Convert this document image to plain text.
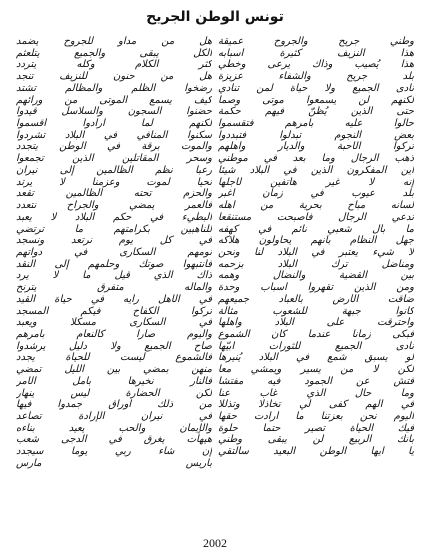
تونس الوطن الجريح
وطني جريح والجروح عميقة
هذا النزيف كثيرة أسبابه
هذا يُصيب وذاك يرعى وخطي
بلد جريح والشفاء عزيزة
نادى الجميع ولا حياة لمن تنادي
لكنهم لن يسمعوا موتى وصما
حتى الذين يُظنّ فيهم حكمة
حالوا عليه بأمرهم فتقسموا
بعض النجوم تبدلوا فتبددوا
تركوا الأحبة والديار وأهلهم
ذهب الرجال وما بعد في موطني
أين المفكرون الذين في البلاد شيئا
إنه لا غير هاتفين لأجلها
بلد عيوب في زمان أغبر
لسانه مباح بحرية من أهله
تدعي الرجال فأصبحت مستنقعا
ما بال شعبي نائم في كهفه
جهل النظام بأنهم يحاولون هلاكه
لا شيء يعتبر في البلاد لنا ونحن
ومناضل ترك البلاد بزحمه
بين القضية والنضال وهمه
ومن الذين تقهروا أسباب وحدة
ضاقت الأرض بالعباد جميعهم
كانوا جبهة للشعوب مثالة
واحترقت على البلاد وأهلها
فبكى زمانا عندما كان الشموع
نادى الجميع للثورات أبيّها
لو يسبق شمع في البلاد يُنيرها
لكن لا من يسير ويمشي معا
فتش عن الجمود فيه مفتشا
وما حال الذي غاب عنا
في الهم كفى لي تخاذلا وتذللا
اليوم نحن بعزتنا ما أرادت حقها
فيك الحياة تصير حتما حلوة
بأنك الربيع لن يبقى وطني
يا أيها الوطن البعيد سألتقي
هل من مداو للجروح يضمد
الكل يبقى والجميع يتلعثم
كثر الكلام وكله يتردد
هل من حنون للنزيف تنجد
رضخوا الظلم والمظالم تشتد
كيف يسمع الموتى من ورائهم
حضنوا السجون والسلاسل قيدوا
لكنهم لما أرادوا أقسموا
سكنوا المنافي في البلاد تشردوا
والموت برقة في الوطن يتجدد
وسحر المقاتلين الذين تجمعوا
رعبا نظم الظالمين إلى نيران
نحيا لموت وعزمنا لا يرتد
والحزم تحته الظالمين تقعد
فالعمر يمضي والجراح نتعدد
البطيء في حكم البلاد لا يعبد
للناهبين بكرامتهم ما ترتضي
في كل يوم نرتعد ونسجد
نومهم السكارى في دواتهم
فانتبهوا صوتك وحلمهم إلى النقد
ذاك الذي قيل ما لا يرد
والمآله متفرق يترنح
في الأهل رأيه في حياة القيد
تركوا الكفاح فيكم المسجد
في السكارى مسكلا ويعبد
واليوم صارا كالنعام بأمرهم
صاح الجميع ولا دليل يرشدوا
فالشموع ليست للحياة يجدد
منهن بمضي بين الليل تمضي
فالنار نخيرها بأمل الأمر
لكن الحضارة ليس ينهار
من ذلك أوراق جمدوا فيها
في نيران الإرادة تصاعد
والإيمان والحب يعيد بناءه
هيهات يغرق في الدجى شعب
إن شاء ربي يوما سيجدد
باريس مارس
2002
